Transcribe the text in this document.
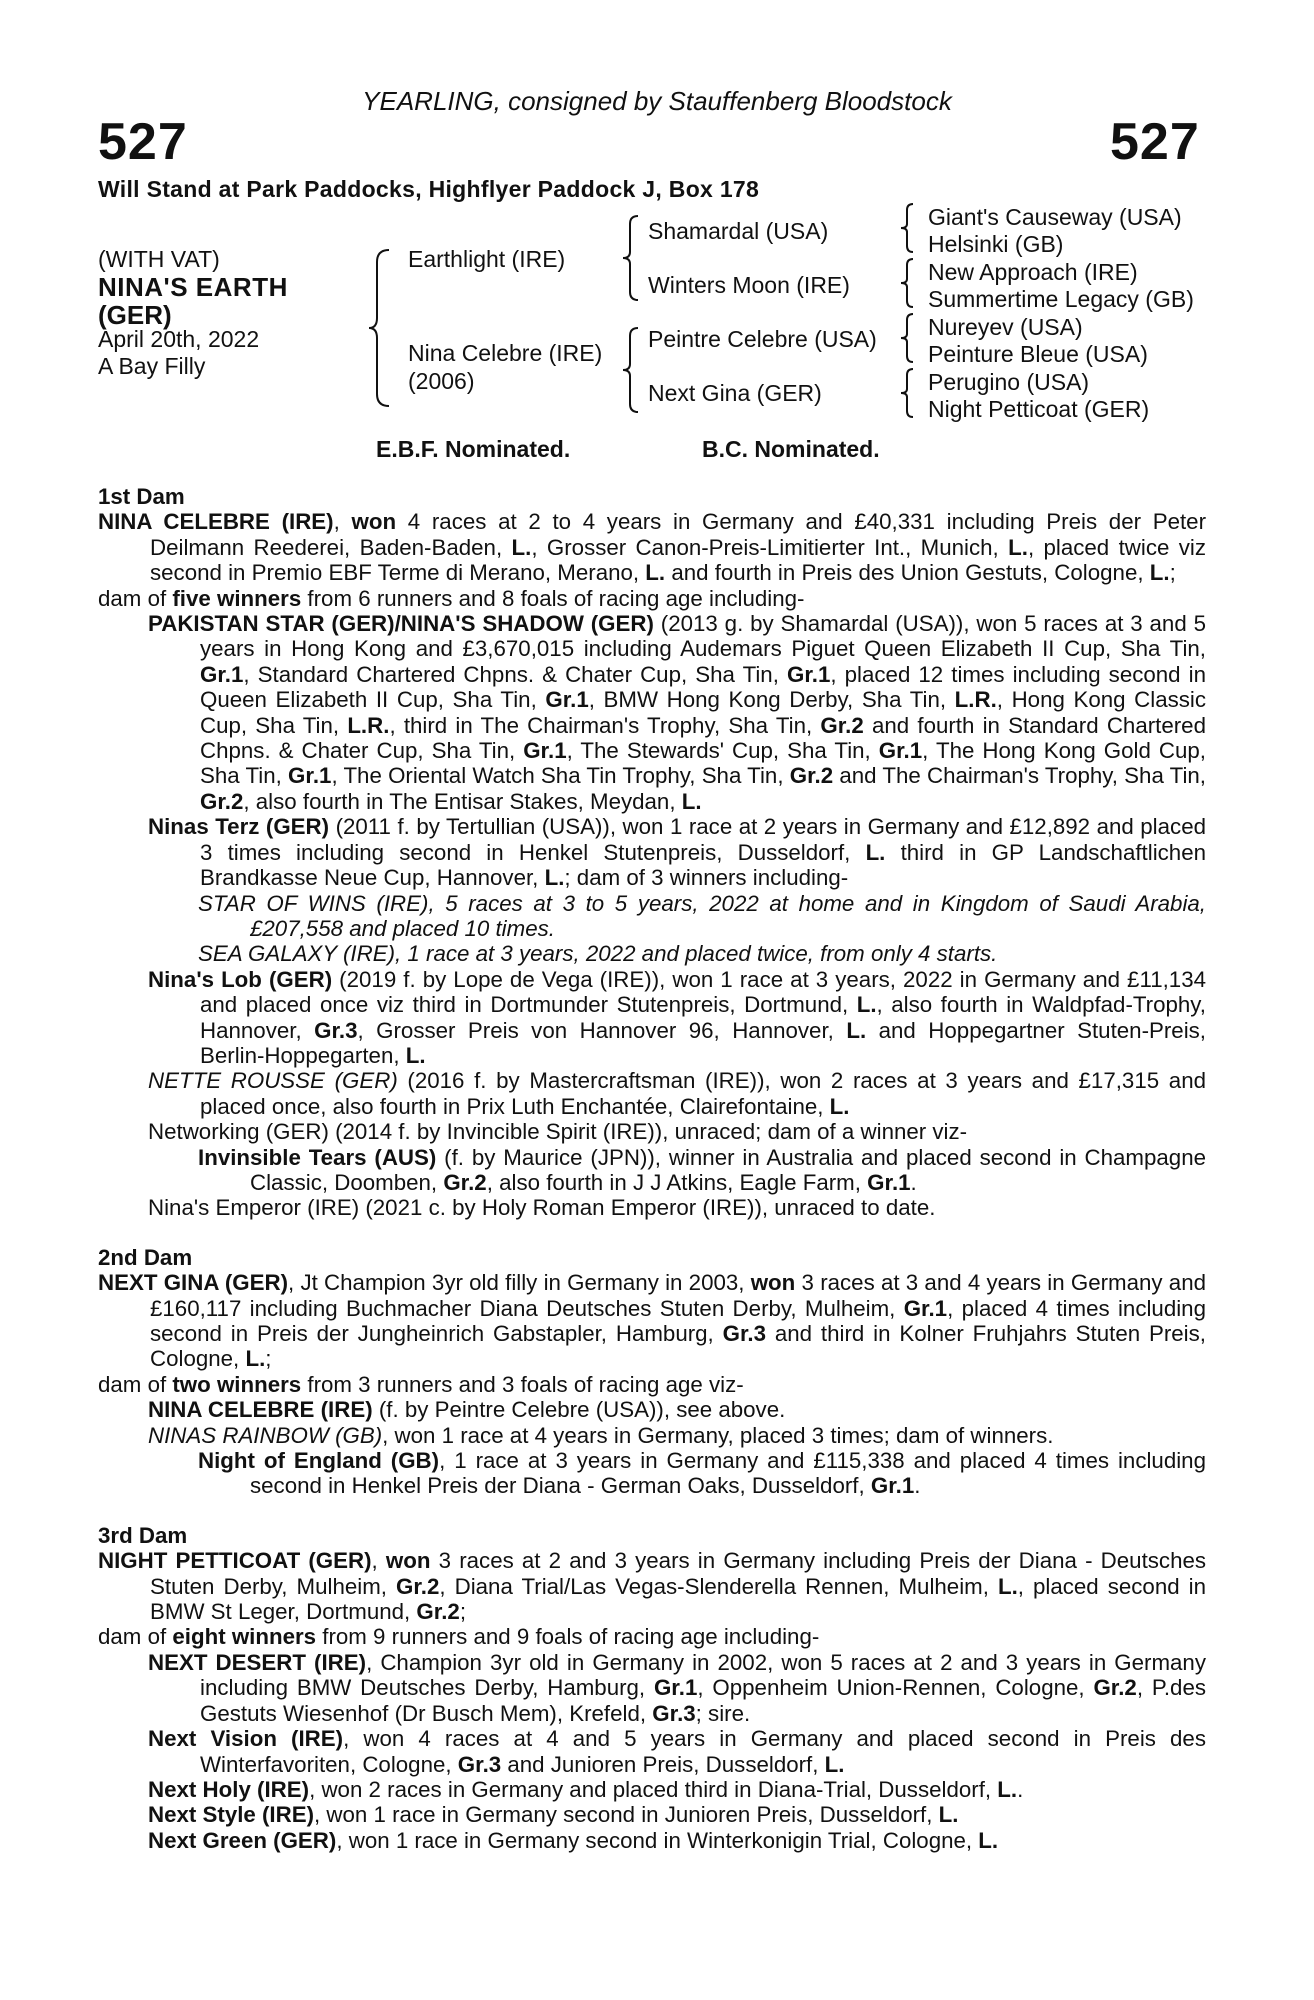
YEARLING, consigned by Stauffenberg Bloodstock
527	527
Will Stand at Park Paddocks, Highflyer Paddock J, Box 178
(WITH VAT)
NINA'S EARTH
(GER)
April 20th, 2022
A Bay Filly
Earthlight (IRE)
Nina Celebre (IRE)
(2006)
Shamardal (USA)
Winters Moon (IRE)
Peintre Celebre (USA)
Next Gina (GER)
Giant's Causeway (USA)
Helsinki (GB)
New Approach (IRE)
Summertime Legacy (GB)
Nureyev (USA)
Peinture Bleue (USA)
Perugino (USA)
Night Petticoat (GER)
E.B.F. Nominated.	B.C. Nominated.
1st Dam

NINA CELEBRE (IRE), won 4 races at 2 to 4 years in Germany and £40,331 including Preis der Peter Deilmann Reederei, Baden-Baden, L., Grosser Canon-Preis-Limitierter Int., Munich, L., placed twice viz second in Premio EBF Terme di Merano, Merano, L. and fourth in Preis des Union Gestuts, Cologne, L.;

dam of five winners from 6 runners and 8 foals of racing age including-

PAKISTAN STAR (GER)/NINA'S SHADOW (GER) (2013 g. by Shamardal (USA)), won 5 races at 3 and 5 years in Hong Kong and £3,670,015 including Audemars Piguet Queen Elizabeth II Cup, Sha Tin, Gr.1, Standard Chartered Chpns. & Chater Cup, Sha Tin, Gr.1, placed 12 times including second in Queen Elizabeth II Cup, Sha Tin, Gr.1, BMW Hong Kong Derby, Sha Tin, L.R., Hong Kong Classic Cup, Sha Tin, L.R., third in The Chairman's Trophy, Sha Tin, Gr.2 and fourth in Standard Chartered Chpns. & Chater Cup, Sha Tin, Gr.1, The Stewards' Cup, Sha Tin, Gr.1, The Hong Kong Gold Cup, Sha Tin, Gr.1, The Oriental Watch Sha Tin Trophy, Sha Tin, Gr.2 and The Chairman's Trophy, Sha Tin, Gr.2, also fourth in The Entisar Stakes, Meydan, L.

Ninas Terz (GER) (2011 f. by Tertullian (USA)), won 1 race at 2 years in Germany and £12,892 and placed 3 times including second in Henkel Stutenpreis, Dusseldorf, L. third in GP Landschaftlichen Brandkasse Neue Cup, Hannover, L.; dam of 3 winners including-

STAR OF WINS (IRE), 5 races at 3 to 5 years, 2022 at home and in Kingdom of Saudi Arabia, £207,558 and placed 10 times.

SEA GALAXY (IRE), 1 race at 3 years, 2022 and placed twice, from only 4 starts.

Nina's Lob (GER) (2019 f. by Lope de Vega (IRE)), won 1 race at 3 years, 2022 in Germany and £11,134 and placed once viz third in Dortmunder Stutenpreis, Dortmund, L., also fourth in Waldpfad-Trophy, Hannover, Gr.3, Grosser Preis von Hannover 96, Hannover, L. and Hoppegartner Stuten-Preis, Berlin-Hoppegarten, L.

NETTE ROUSSE (GER) (2016 f. by Mastercraftsman (IRE)), won 2 races at 3 years and £17,315 and placed once, also fourth in Prix Luth Enchantée, Clairefontaine, L.

Networking (GER) (2014 f. by Invincible Spirit (IRE)), unraced; dam of a winner viz-

Invinsible Tears (AUS) (f. by Maurice (JPN)), winner in Australia and placed second in Champagne Classic, Doomben, Gr.2, also fourth in J J Atkins, Eagle Farm, Gr.1.

Nina's Emperor (IRE) (2021 c. by Holy Roman Emperor (IRE)), unraced to date.

2nd Dam

NEXT GINA (GER), Jt Champion 3yr old filly in Germany in 2003, won 3 races at 3 and 4 years in Germany and £160,117 including Buchmacher Diana Deutsches Stuten Derby, Mulheim, Gr.1, placed 4 times including second in Preis der Jungheinrich Gabstapler, Hamburg, Gr.3 and third in Kolner Fruhjahrs Stuten Preis, Cologne, L.;

dam of two winners from 3 runners and 3 foals of racing age viz-

NINA CELEBRE (IRE) (f. by Peintre Celebre (USA)), see above.

NINAS RAINBOW (GB), won 1 race at 4 years in Germany, placed 3 times; dam of winners.

Night of England (GB), 1 race at 3 years in Germany and £115,338 and placed 4 times including second in Henkel Preis der Diana - German Oaks, Dusseldorf, Gr.1.

3rd Dam

NIGHT PETTICOAT (GER), won 3 races at 2 and 3 years in Germany including Preis der Diana - Deutsches Stuten Derby, Mulheim, Gr.2, Diana Trial/Las Vegas-Slenderella Rennen, Mulheim, L., placed second in BMW St Leger, Dortmund, Gr.2;

dam of eight winners from 9 runners and 9 foals of racing age including-

NEXT DESERT (IRE), Champion 3yr old in Germany in 2002, won 5 races at 2 and 3 years in Germany including BMW Deutsches Derby, Hamburg, Gr.1, Oppenheim Union-Rennen, Cologne, Gr.2, P.des Gestuts Wiesenhof (Dr Busch Mem), Krefeld, Gr.3; sire.

Next Vision (IRE), won 4 races at 4 and 5 years in Germany and placed second in Preis des Winterfavoriten, Cologne, Gr.3 and Junioren Preis, Dusseldorf, L.

Next Holy (IRE), won 2 races in Germany and placed third in Diana-Trial, Dusseldorf, L..

Next Style (IRE), won 1 race in Germany second in Junioren Preis, Dusseldorf, L.

Next Green (GER), won 1 race in Germany second in Winterkonigin Trial, Cologne, L.
